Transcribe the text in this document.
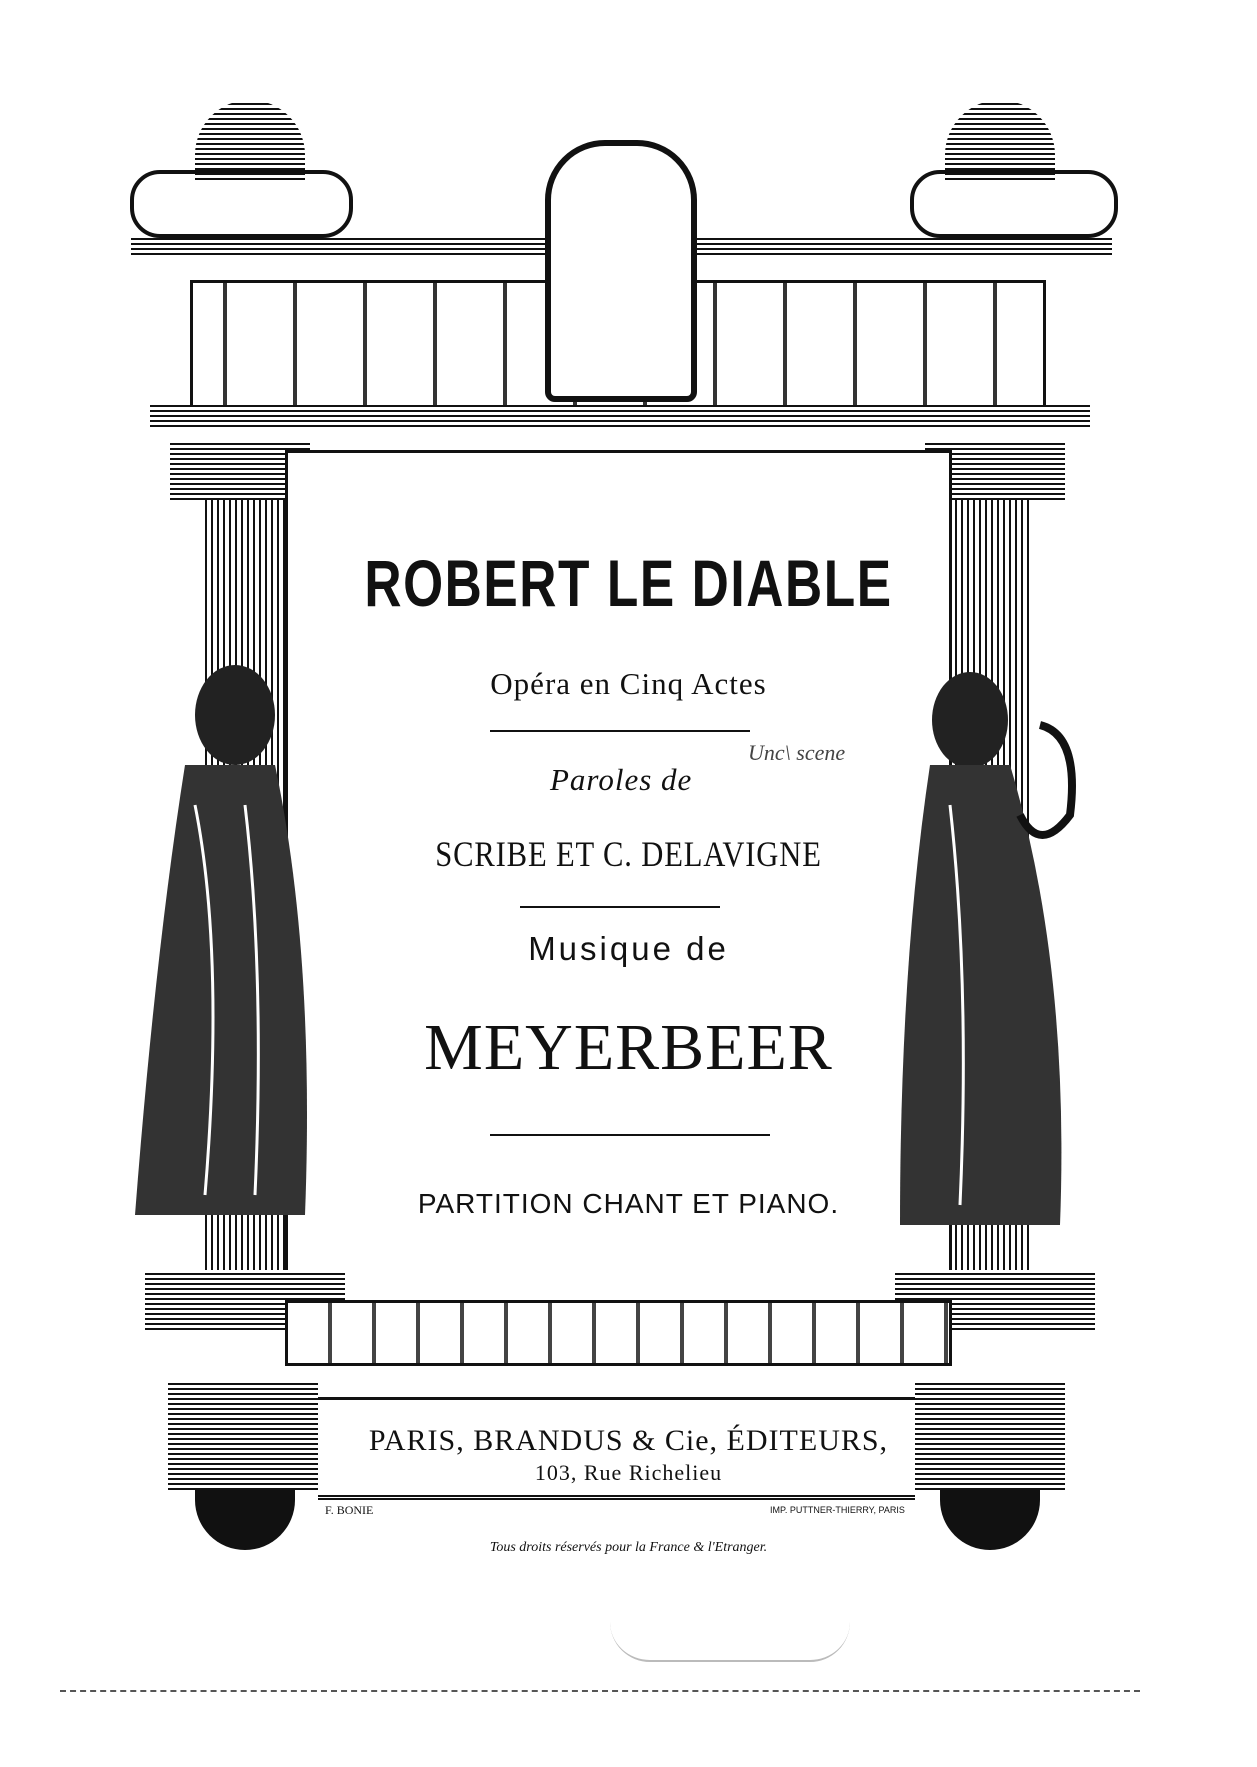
ROBERT LE DIABLE
Opéra en Cinq Actes
Paroles de
Unc\ scene
SCRIBE ET C. DELAVIGNE
Musique de
MEYERBEER
PARTITION CHANT ET PIANO.
PARIS, BRANDUS & Cie, ÉDITEURS,
103, Rue Richelieu
F. BONIE	IMP. PUTTNER-THIERRY, PARIS
Tous droits réservés pour la France & l'Etranger.
